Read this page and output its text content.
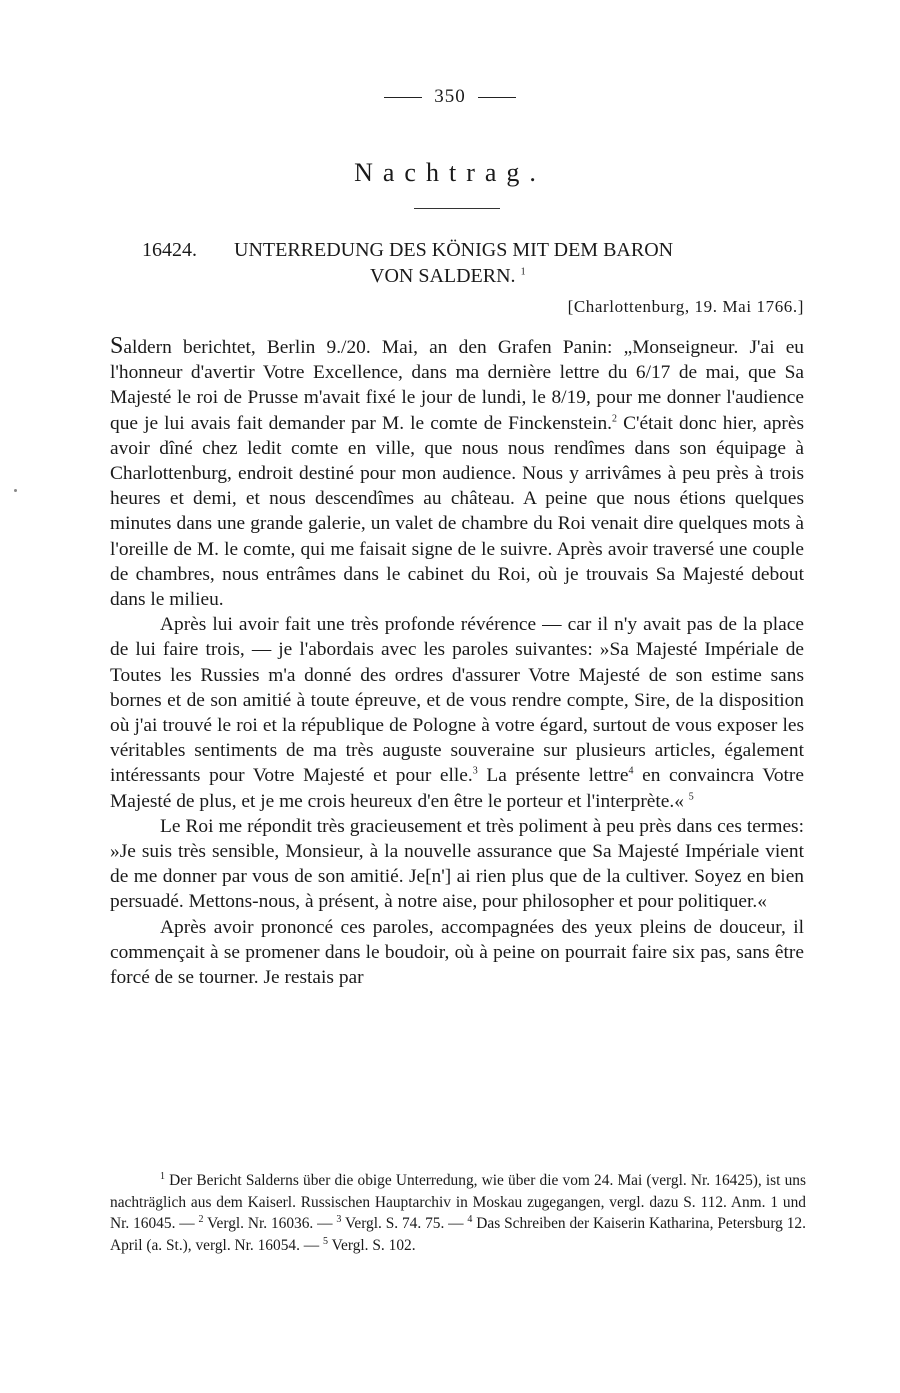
350
Nachtrag.
16424. UNTERREDUNG DES KÖNIGS MIT DEM BARON
VON SALDERN. $^1$
[Charlottenburg, 19. Mai 1766.]

Saldern berichtet, Berlin 9./20. Mai, an den Grafen Panin: „Monseigneur. J'ai eu l'honneur d'avertir Votre Excellence, dans ma dernière lettre du 6/17 de mai, que Sa Majesté le roi de Prusse m'avait fixé le jour de lundi, le 8/19, pour me donner l'audience que je lui avais fait demander par M. le comte de Finckenstein.$^2$ C'était donc hier, après avoir dîné chez ledit comte en ville, que nous nous rendîmes dans son équipage à Charlottenburg, endroit destiné pour mon audience. Nous y arrivâmes à peu près à trois heures et demi, et nous descendîmes au château. A peine que nous étions quelques minutes dans une grande galerie, un valet de chambre du Roi venait dire quelques mots à l'oreille de M. le comte, qui me faisait signe de le suivre. Après avoir traversé une couple de chambres, nous entrâmes dans le cabinet du Roi, où je trouvais Sa Majesté debout dans le milieu.

Après lui avoir fait une très profonde révérence — car il n'y avait pas de la place de lui faire trois, — je l'abordais avec les paroles suivantes: »Sa Majesté Impériale de Toutes les Russies m'a donné des ordres d'assurer Votre Majesté de son estime sans bornes et de son amitié à toute épreuve, et de vous rendre compte, Sire, de la disposition où j'ai trouvé le roi et la république de Pologne à votre égard, surtout de vous exposer les véritables sentiments de ma très auguste souveraine sur plusieurs articles, également intéressants pour Votre Majesté et pour elle.$^3$ La présente lettre$^4$ en convaincra Votre Majesté de plus, et je me crois heureux d'en être le porteur et l'interprète.« $^5$

Le Roi me répondit très gracieusement et très poliment à peu près dans ces termes: »Je suis très sensible, Monsieur, à la nouvelle assurance que Sa Majesté Impériale vient de me donner par vous de son amitié. Je[n'] ai rien plus que de la cultiver. Soyez en bien persuadé. Mettons-nous, à présent, à notre aise, pour philosopher et pour politiquer.«

Après avoir prononcé ces paroles, accompagnées des yeux pleins de douceur, il commençait à se promener dans le boudoir, où à peine on pourrait faire six pas, sans être forcé de se tourner. Je restais par

$^1$ Der Bericht Salderns über die obige Unterredung, wie über die vom 24. Mai (vergl. Nr. 16425), ist uns nachträglich aus dem Kaiserl. Russischen Hauptarchiv in Moskau zugegangen, vergl. dazu S. 112. Anm. 1 und Nr. 16045. — $^2$ Vergl. Nr. 16036. — $^3$ Vergl. S. 74. 75. — $^4$ Das Schreiben der Kaiserin Katharina, Petersburg 12. April (a. St.), vergl. Nr. 16054. — $^5$ Vergl. S. 102.
